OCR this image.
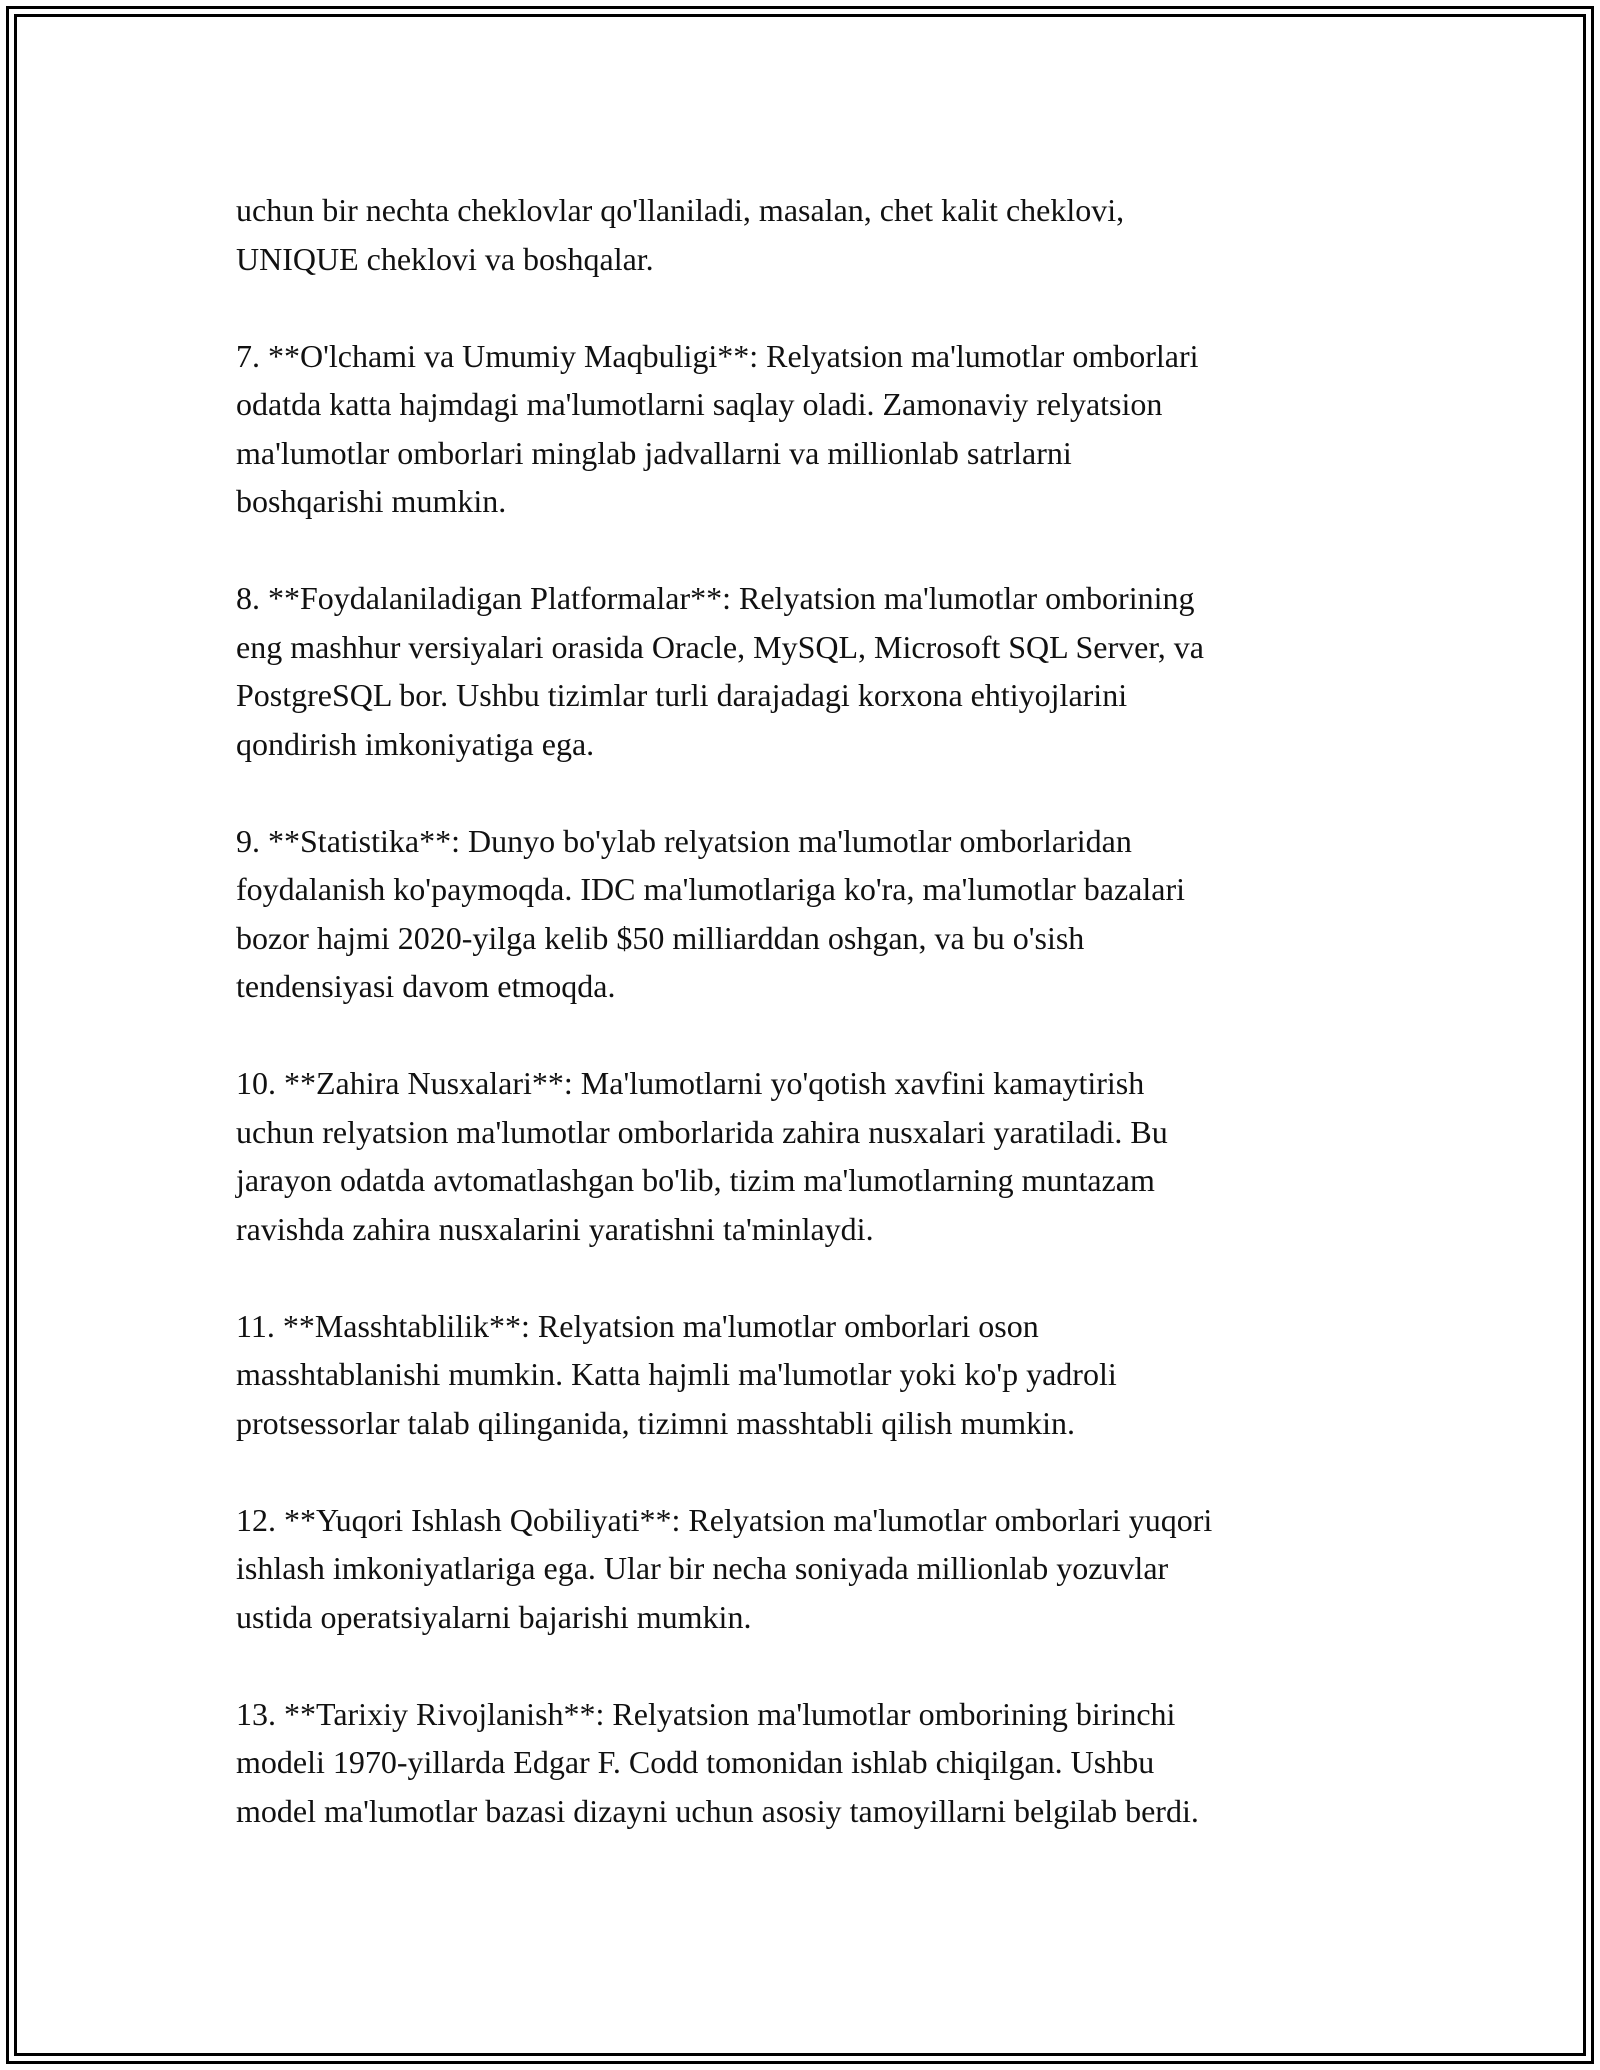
uchun bir nechta cheklovlar qo'llaniladi, masalan, chet kalit cheklovi,
UNIQUE cheklovi va boshqalar.

7. **O'lchami va Umumiy Maqbuligi**: Relyatsion ma'lumotlar omborlari
odatda katta hajmdagi ma'lumotlarni saqlay oladi. Zamonaviy relyatsion
ma'lumotlar omborlari minglab jadvallarni va millionlab satrlarni
boshqarishi mumkin.

8. **Foydalaniladigan Platformalar**: Relyatsion ma'lumotlar omborining
eng mashhur versiyalari orasida Oracle, MySQL, Microsoft SQL Server, va
PostgreSQL bor. Ushbu tizimlar turli darajadagi korxona ehtiyojlarini
qondirish imkoniyatiga ega.

9. **Statistika**: Dunyo bo'ylab relyatsion ma'lumotlar omborlaridan
foydalanish ko'paymoqda. IDC ma'lumotlariga ko'ra, ma'lumotlar bazalari
bozor hajmi 2020-yilga kelib $50 milliarddan oshgan, va bu o'sish
tendensiyasi davom etmoqda.

10. **Zahira Nusxalari**: Ma'lumotlarni yo'qotish xavfini kamaytirish
uchun relyatsion ma'lumotlar omborlarida zahira nusxalari yaratiladi. Bu
jarayon odatda avtomatlashgan bo'lib, tizim ma'lumotlarning muntazam
ravishda zahira nusxalarini yaratishni ta'minlaydi.

11. **Masshtablilik**: Relyatsion ma'lumotlar omborlari oson
masshtablanishi mumkin. Katta hajmli ma'lumotlar yoki ko'p yadroli
protsessorlar talab qilinganida, tizimni masshtabli qilish mumkin.

12. **Yuqori Ishlash Qobiliyati**: Relyatsion ma'lumotlar omborlari yuqori
ishlash imkoniyatlariga ega. Ular bir necha soniyada millionlab yozuvlar
ustida operatsiyalarni bajarishi mumkin.

13. **Tarixiy Rivojlanish**: Relyatsion ma'lumotlar omborining birinchi
modeli 1970-yillarda Edgar F. Codd tomonidan ishlab chiqilgan. Ushbu
model ma'lumotlar bazasi dizayni uchun asosiy tamoyillarni belgilab berdi.
